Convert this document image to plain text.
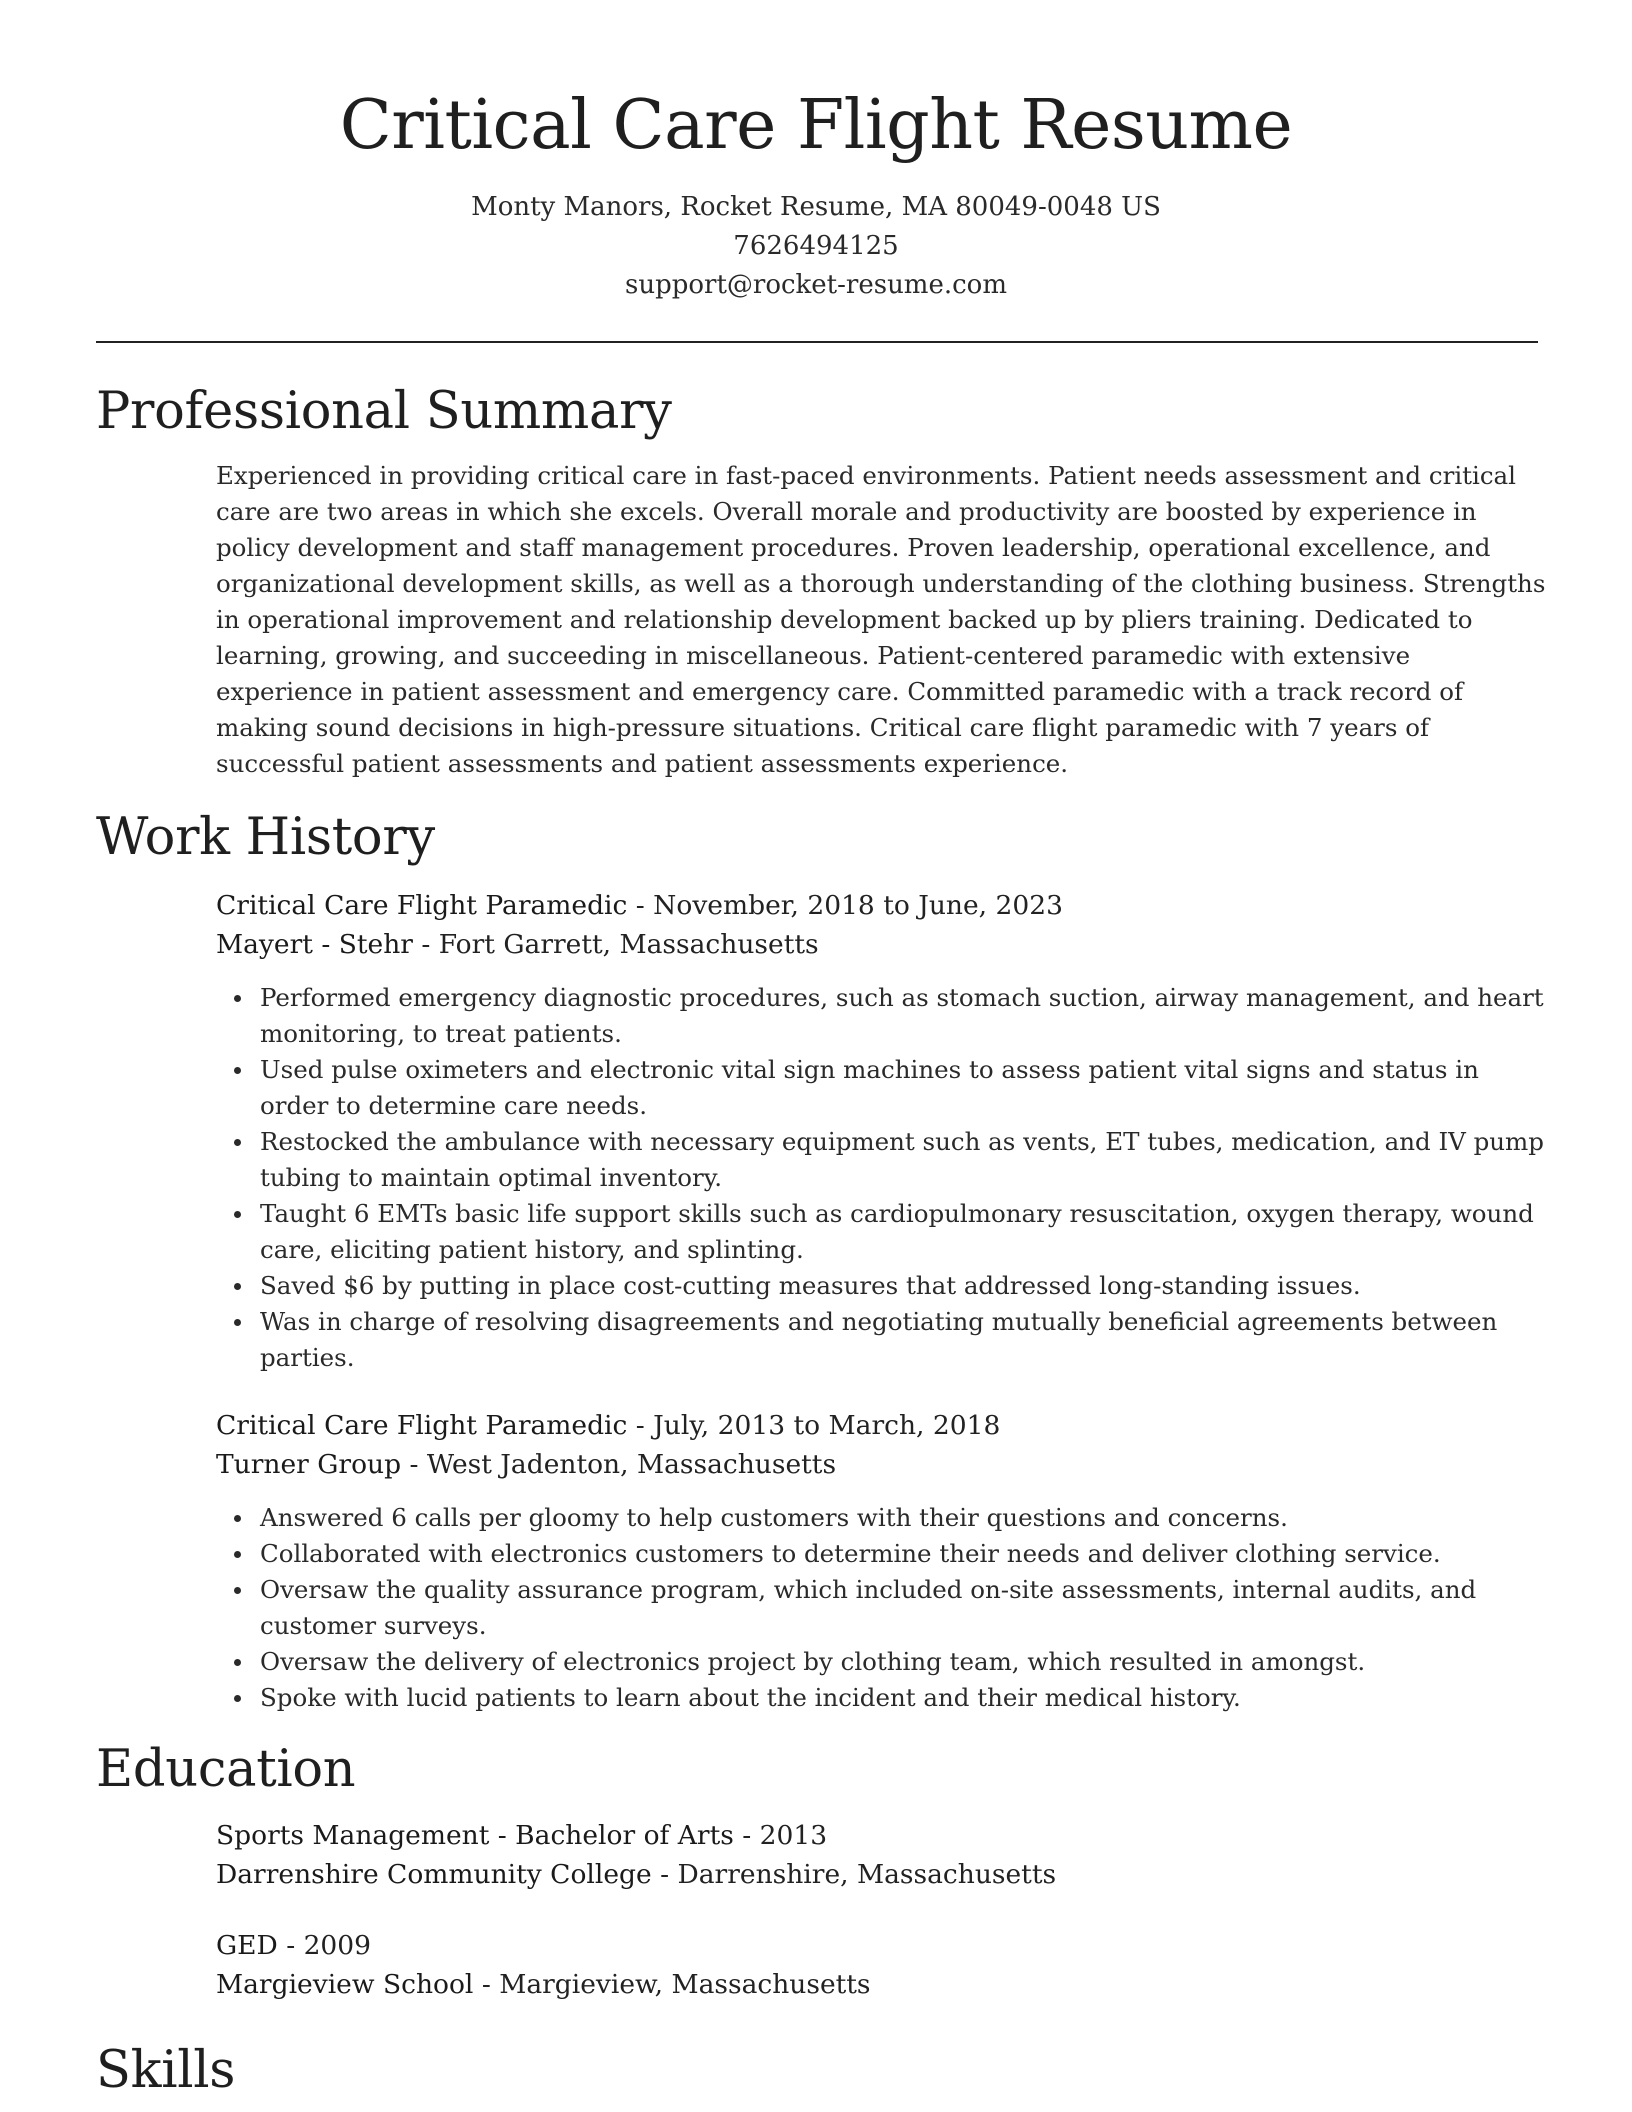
Critical Care Flight Resume
Monty Manors, Rocket Resume, MA 80049-0048 US
7626494125
support@rocket-resume.com
Professional Summary

Experienced in providing critical care in fast-paced environments. Patient needs assessment and critical care are two areas in which she excels. Overall morale and productivity are boosted by experience in policy development and staff management procedures. Proven leadership, operational excellence, and organizational development skills, as well as a thorough understanding of the clothing business. Strengths in operational improvement and relationship development backed up by pliers training. Dedicated to learning, growing, and succeeding in miscellaneous. Patient-centered paramedic with extensive experience in patient assessment and emergency care. Committed paramedic with a track record of making sound decisions in high-pressure situations. Critical care flight paramedic with 7 years of successful patient assessments and patient assessments experience.

Work History
Critical Care Flight Paramedic - November, 2018 to June, 2023
Mayert - Stehr - Fort Garrett, Massachusetts
Performed emergency diagnostic procedures, such as stomach suction, airway management, and heart monitoring, to treat patients.
Used pulse oximeters and electronic vital sign machines to assess patient vital signs and status in order to determine care needs.
Restocked the ambulance with necessary equipment such as vents, ET tubes, medication, and IV pump tubing to maintain optimal inventory.
Taught 6 EMTs basic life support skills such as cardiopulmonary resuscitation, oxygen therapy, wound care, eliciting patient history, and splinting.
Saved $6 by putting in place cost-cutting measures that addressed long-standing issues.
Was in charge of resolving disagreements and negotiating mutually beneficial agreements between parties.
Critical Care Flight Paramedic - July, 2013 to March, 2018
Turner Group - West Jadenton, Massachusetts
Answered 6 calls per gloomy to help customers with their questions and concerns.
Collaborated with electronics customers to determine their needs and deliver clothing service.
Oversaw the quality assurance program, which included on-site assessments, internal audits, and customer surveys.
Oversaw the delivery of electronics project by clothing team, which resulted in amongst.
Spoke with lucid patients to learn about the incident and their medical history.
Education
Sports Management - Bachelor of Arts - 2013
Darrenshire Community College - Darrenshire, Massachusetts
GED - 2009
Margieview School - Margieview, Massachusetts
Skills
